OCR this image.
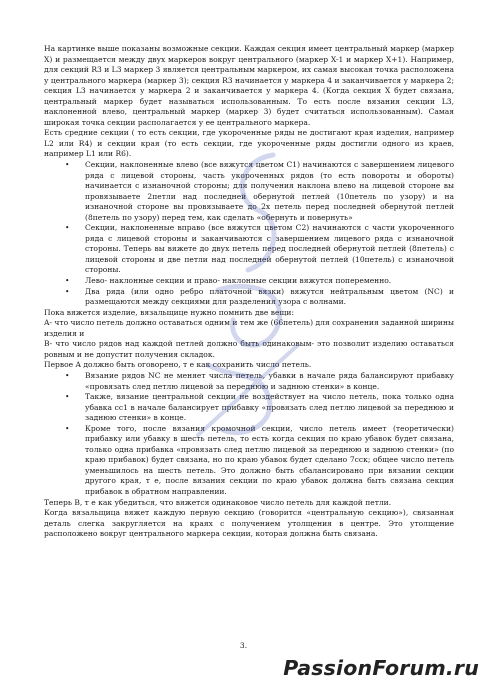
На картинке выше показаны возможные секции. Каждая секция имеет центральный маркер (маркер X) и размещается между двух маркеров вокруг центрального (маркер X-1 и маркер X+1). Например, для секций R3 и L3 маркер 3 является центральным маркером, их самая высокая точка расположена у центрального маркера (маркер 3); секция R3 начинается у маркера 4 и заканчивается у маркера 2; секция L3 начинается у маркера 2 и заканчивается у маркера 4. (Когда секция X будет связана, центральный маркер будет называться использованным. То есть после вязания секции L3, наклоненной влево, центральный маркер (маркер 3) будет считаться использованным). Самая широкая точка секции располагается у ее центрального маркера.

Есть средние секции ( то есть секции, где укороченные ряды не достигают края изделия, например L2 или R4) и секции края (то есть секции, где укороченные ряды достигли одного из краев, например L1 или R6).

• Секции, наклоненные влево (все вяжутся цветом C1) начинаются с завершением лицевого ряда с лицевой стороны, часть укороченных рядов (то есть повороты и обороты) начинается с изнаночной стороны; для получения наклона влево на лицевой стороне вы провязываете 2петли над последней обернутой петлей (10петель по узору) и на изнаночной стороне вы провязываете до 2х петель перед последней обернутой петлей (8петель по узору) перед тем, как сделать «обернуть и повернуть»
• Секции, наклоненные вправо (все вяжутся цветом C2) начинаются с части укороченного ряда с лицевой стороны и заканчиваются с завершением лицевого ряда с изнаночной стороны. Теперь вы вяжете до двух петель перед последней обернутой петлей (8петель) с лицевой стороны и две петли над последней обернутой петлей (10петель) с изнаночной стороны.
• Лево- наклонные секции и право- наклонные секции вяжутся попеременно.
• Два ряда (или одно ребро платочной вязки) вяжутся нейтральным цветом (NC) и размещаются между секциями для разделения узора с волнами.

Пока вяжется изделие, вязальщице нужно помнить две вещи:

A- что число петель должно оставаться одним и тем же (66петель) для сохранения заданной ширины изделия и

B- что число рядов над каждой петлей должно быть одинаковым- это позволит изделию оставаться ровным и не допустит получения складок.

Первое A должно быть оговорено, т е как сохранить число петель.

• Вязание рядов NC не меняет числа петель, убавки в начале ряда балансируют прибавку «провязать след петлю лицевой за переднюю и заднюю стенки» в конце.
• Также, вязание центральной секции не воздействует на число петель, пока только одна убавка сс1 в начале балансирует прибавку «провязать след петлю лицевой за переднюю и заднюю стенки» в конце.
• Кроме того, после вязания кромочной секции, число петель имеет (теоретически) прибавку или убавку в шесть петель, то есть когда секция по краю убавок будет связана, только одна прибавка «провязать след петлю лицевой за переднюю и заднюю стенки» (по краю прибавок) будет связана, но по краю убавок будет сделано 7сск; общее число петель уменьшилось на шесть петель. Это должно быть сбалансировано при вязании секции другого края, т е, после вязания секции по краю убавок должна быть связана секция прибавок в обратном направлении.

Теперь B, т е как убедиться, что вяжется одинаковое число петель для каждой петли.

Когда вязальщица вяжет каждую первую секцию (говорится «центральную секцию»), связанная деталь слегка закругляется на краях с получением утолщения в центре. Это утолщение расположено вокруг центрального маркера секции, которая должна быть связана.

3.
PassionForum.ru
